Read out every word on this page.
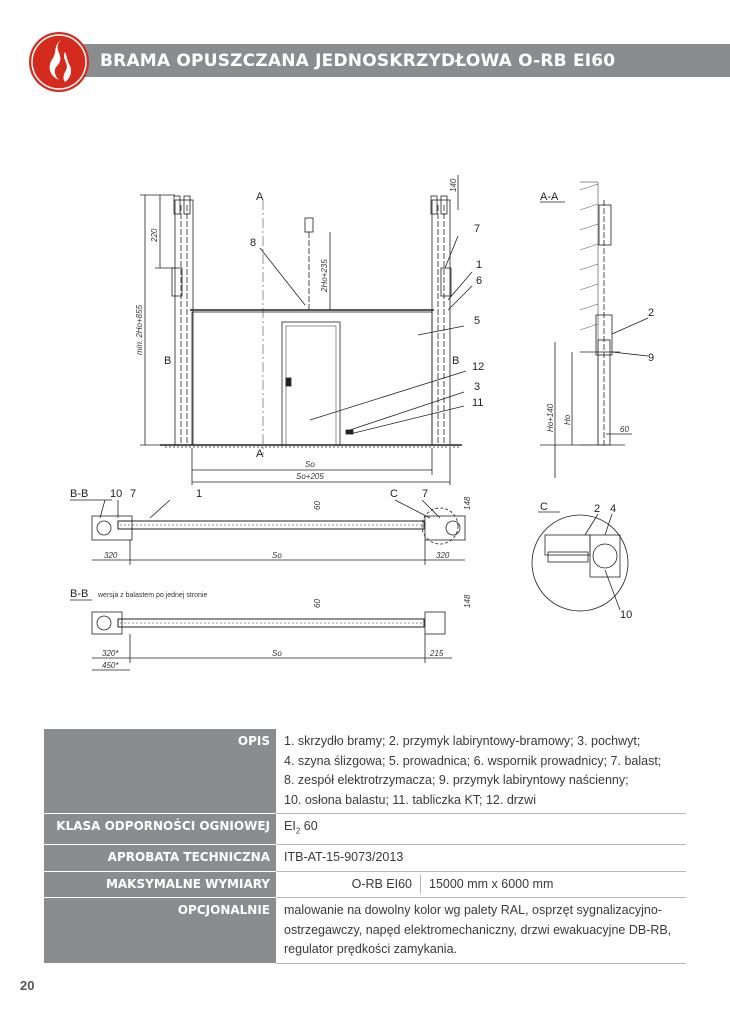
BRAMA OPUSZCZANA JEDNOSKRZYDŁOWA O-RB EI60
A
A
A-A
B	B
B-B
B-B wersja z balastem po jednej stronie
C
C
8
7
1
6
5
12
3
11
2
9
10 7	1	7
2 4
10
140
220
min. 2Ho+855
2Ho+235
So
So+205
Ho+140 Ho
60
320	So	320
60	148
320*
450*
So	215
60	148
OPIS	1. skrzydło bramy; 2. przymyk labiryntowy-bramowy; 3. pochwyt;
4. szyna ślizgowa; 5. prowadnica; 6. wspornik prowadnicy; 7. balast;
8. zespół elektrotrzymacza; 9. przymyk labiryntowy naścienny;
10. osłona balastu; 11. tabliczka KT; 12. drzwi

KLASA ODPORNOŚCI OGNIOWEJ	$EI_2$ 60
APROBATA TECHNICZNA	ITB-AT-15-9073/2013
MAKSYMALNE WYMIARY	O-RB EI60 15000 mm x 6000 mm
OPCJONALNIE	malowanie na dowolny kolor wg palety RAL, osprzęt sygnalizacyjno-
ostrzegawczy, napęd elektromechaniczny, drzwi ewakuacyjne DB-RB,
regulator prędkości zamykania.
20
